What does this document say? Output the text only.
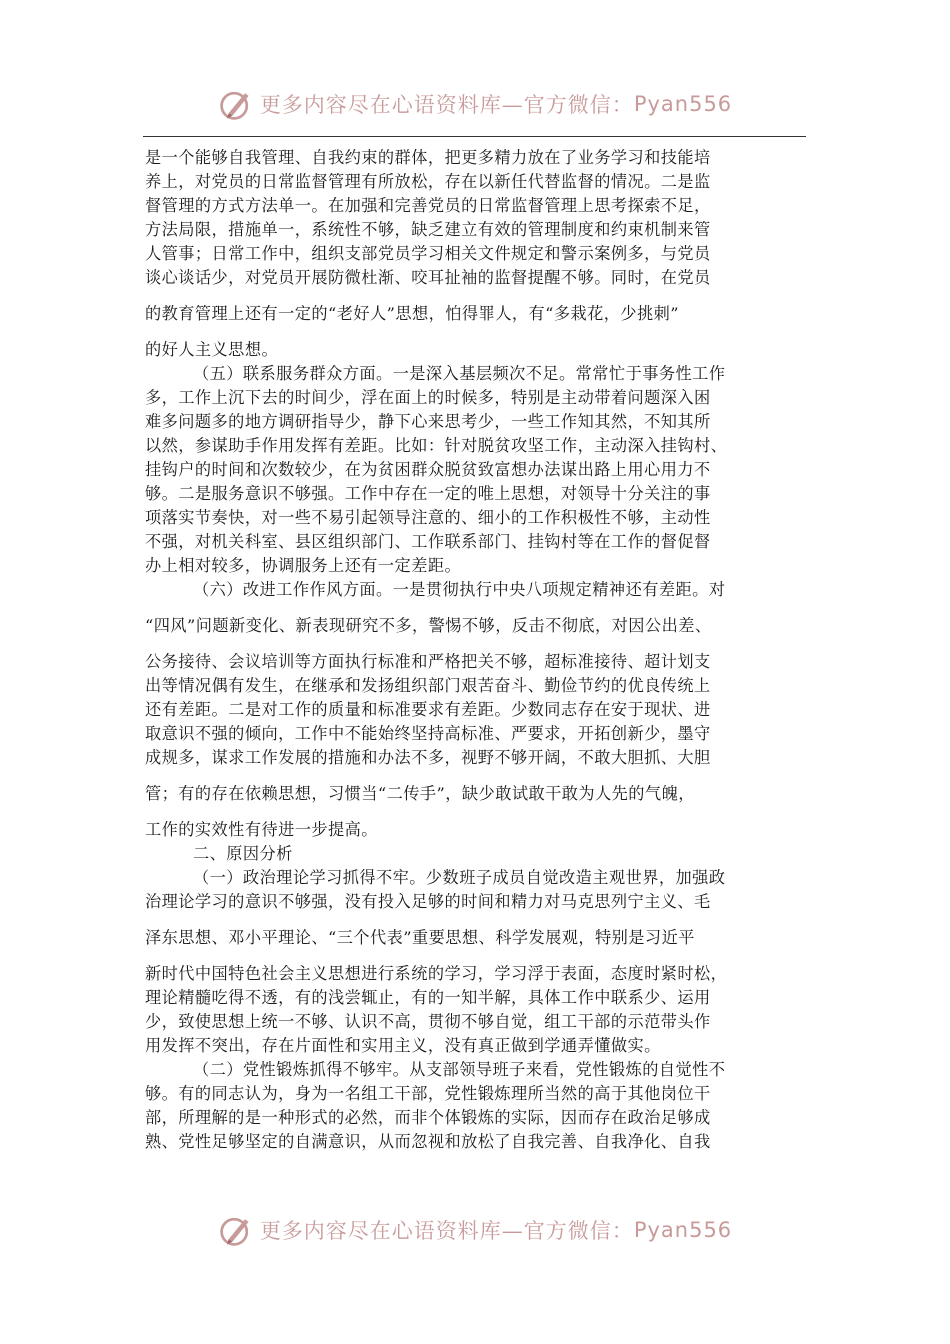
更多内容尽在心语资料库—官方微信： Pyan556
是一个能够自我管理、自我约束的群体，把更多精力放在了业务学习和技能培
养上，对党员的日常监督管理有所放松，存在以新任代替监督的情况。二是监
督管理的方式方法单一。在加强和完善党员的日常监督管理上思考探索不足，
方法局限，措施单一，系统性不够，缺乏建立有效的管理制度和约束机制来管
人管事；日常工作中，组织支部党员学习相关文件规定和警示案例多，与党员
谈心谈话少，对党员开展防微杜渐、咬耳扯袖的监督提醒不够。同时，在党员
的教育管理上还有一定的“老好人”思想，怕得罪人，有“多栽花，少挑刺”
的好人主义思想。
（五）联系服务群众方面。一是深入基层频次不足。常常忙于事务性工作
多，工作上沉下去的时间少，浮在面上的时候多，特别是主动带着问题深入困
难多问题多的地方调研指导少，静下心来思考少，一些工作知其然，不知其所
以然，参谋助手作用发挥有差距。比如：针对脱贫攻坚工作，主动深入挂钩村、
挂钩户的时间和次数较少，在为贫困群众脱贫致富想办法谋出路上用心用力不
够。二是服务意识不够强。工作中存在一定的唯上思想，对领导十分关注的事
项落实节奏快，对一些不易引起领导注意的、细小的工作积极性不够，主动性
不强，对机关科室、县区组织部门、工作联系部门、挂钩村等在工作的督促督
办上相对较多，协调服务上还有一定差距。
（六）改进工作作风方面。一是贯彻执行中央八项规定精神还有差距。对
“四风”问题新变化、新表现研究不多，警惕不够，反击不彻底，对因公出差、
公务接待、会议培训等方面执行标准和严格把关不够，超标准接待、超计划支
出等情况偶有发生，在继承和发扬组织部门艰苦奋斗、勤俭节约的优良传统上
还有差距。二是对工作的质量和标准要求有差距。少数同志存在安于现状、进
取意识不强的倾向，工作中不能始终坚持高标准、严要求，开拓创新少，墨守
成规多，谋求工作发展的措施和办法不多，视野不够开阔，不敢大胆抓、大胆
管；有的存在依赖思想，习惯当“二传手”，缺少敢试敢干敢为人先的气魄，
工作的实效性有待进一步提高。
二、原因分析
（一）政治理论学习抓得不牢。少数班子成员自觉改造主观世界，加强政
治理论学习的意识不够强，没有投入足够的时间和精力对马克思列宁主义、毛
泽东思想、邓小平理论、“三个代表”重要思想、科学发展观，特别是习近平
新时代中国特色社会主义思想进行系统的学习，学习浮于表面，态度时紧时松，
理论精髓吃得不透，有的浅尝辄止，有的一知半解，具体工作中联系少、运用
少，致使思想上统一不够、认识不高，贯彻不够自觉，组工干部的示范带头作
用发挥不突出，存在片面性和实用主义，没有真正做到学通弄懂做实。
（二）党性锻炼抓得不够牢。从支部领导班子来看，党性锻炼的自觉性不
够。有的同志认为，身为一名组工干部，党性锻炼理所当然的高于其他岗位干
部，所理解的是一种形式的必然，而非个体锻炼的实际，因而存在政治足够成
熟、党性足够坚定的自满意识，从而忽视和放松了自我完善、自我净化、自我
更多内容尽在心语资料库—官方微信： Pyan556
